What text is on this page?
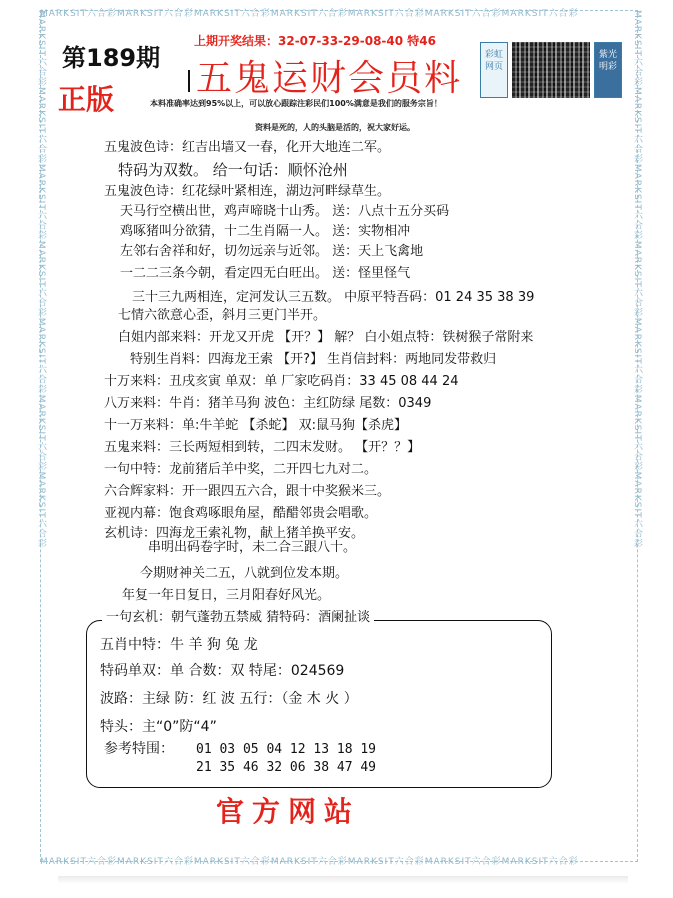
MARKSIT六合彩MARKSIT六合彩MARKSIT六合彩MARKSIT六合彩MARKSIT六合彩MARKSIT六合彩MARKSIT六合彩
MARKSIT六合彩MARKSIT六合彩MARKSIT六合彩MARKSIT六合彩MARKSIT六合彩MARKSIT六合彩MARKSIT六合彩
MARKSIT六合彩MARKSIT六合彩MARKSIT六合彩MARKSIT六合彩MARKSIT六合彩MARKSIT六合彩MARKSIT六合彩	MARKSIT六合彩MARKSIT六合彩MARKSIT六合彩MARKSIT六合彩MARKSIT六合彩MARKSIT六合彩MARKSIT六合彩
第189期
正版
上期开奖结果：32-07-33-29-08-40 特46
五鬼运财会员料
彩虹网页
紫光明彩
本料准确率达到95%以上，可以放心跟踪注彩民们100%满意是我们的服务宗旨！
资料是死的，人的头脑是活的，祝大家好运。
五鬼波色诗：红吉出墙又一春，化开大地连二军。
特码为双数。 给一句话：顺怀沧州
五鬼波色诗：红花绿叶紧相连，湖边河畔绿草生。
天马行空横出世，鸡声啼晓十山秀。 送：八点十五分买码
鸡啄猪叫分欲猜，十二生肖隔一人。 送：实物相冲
左邻右舍祥和好，切勿远亲与近邻。 送：天上飞禽地
一二二三条今朝，看定四无白旺出。 送：怪里怪气
三十三九两相连，定河发认三五数。 中原平特吾码：01 24 35 38 39
七情六欲意心歪，斜月三更门半开。
白姐内部来料：开龙又开虎 【开？】 解？ 白小姐点特：铁树猴子常附来
特别生肖料：四海龙王索 【开?】 生肖信封料：两地同发带救归
十万来料：丑戌亥寅 单双：单 厂家吃码肖：33 45 08 44 24
八万来料：牛肖：猪羊马狗 波色：主红防绿 尾数：0349
十一万来料：单:牛羊蛇 【杀蛇】 双:鼠马狗【杀虎】
五鬼来料：三长两短相到转，二四末发财。 【开？？】
一句中特：龙前猪后羊中奖，二开四七九对二。
六合辉家料：开一跟四五六合，跟十中奖猴米三。
亚视内幕：饱食鸡啄眼角屋，酷醋邻贵会唱歌。
玄机诗：四海龙王索礼物，献上猪羊换平安。
串明出码卷字时，未二合三跟八十。
今期财神关二五，八就到位发本期。
年复一年日复日，三月阳春好风光。
一句玄机：朝气蓬勃五禁威 猜特码：酒阑扯谈
五肖中特：牛 羊 狗 兔 龙
特码单双：单 合数：双 特尾：024569
波路：主绿 防：红 波 五行：（金 木 火 ）
特头：主“0”防“4”
参考特围： 01 03 05 04 12 13 18 19
21 35 46 32 06 38 47 49
官方网站
